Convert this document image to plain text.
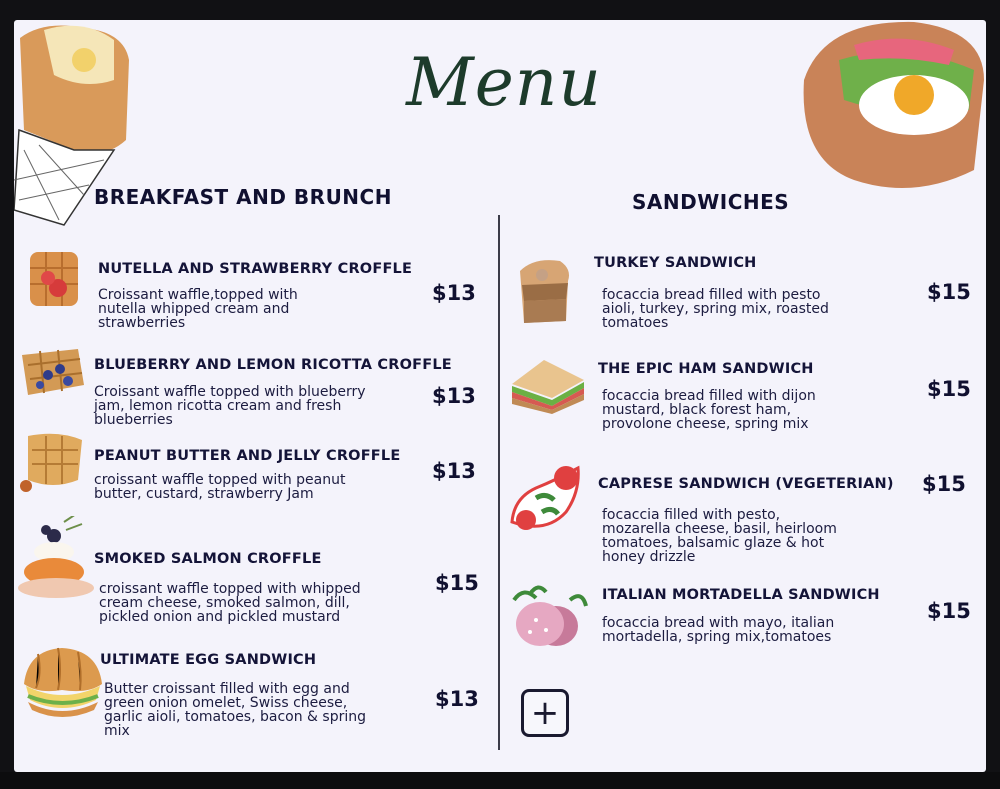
Menu
BREAKFAST AND BRUNCH	SANDWICHES
NUTELLA AND STRAWBERRY CROFFLE
Croissant waffle,topped with
nutella whipped cream and
strawberries
$13
BLUEBERRY AND LEMON RICOTTA CROFFLE
Croissant waffle topped with blueberry
jam, lemon ricotta cream and fresh
blueberries
$13
PEANUT BUTTER AND JELLY CROFFLE
croissant waffle topped with peanut
butter, custard, strawberry Jam
$13
SMOKED SALMON CROFFLE
croissant waffle topped with whipped
cream cheese, smoked salmon, dill,
pickled onion and pickled mustard
$15
ULTIMATE EGG SANDWICH
Butter croissant filled with egg and
green onion omelet, Swiss cheese,
garlic aioli, tomatoes, bacon & spring
mix
$13
TURKEY SANDWICH
focaccia bread filled with pesto
aioli, turkey, spring mix, roasted
tomatoes
$15
THE EPIC HAM SANDWICH
focaccia bread filled with dijon
mustard, black forest ham,
provolone cheese, spring mix
$15
CAPRESE SANDWICH (VEGETERIAN)
focaccia filled with pesto,
mozarella cheese, basil, heirloom
tomatoes, balsamic glaze & hot
honey drizzle
$15
ITALIAN MORTADELLA SANDWICH
focaccia bread with mayo, italian
mortadella, spring mix,tomatoes
$15
+
